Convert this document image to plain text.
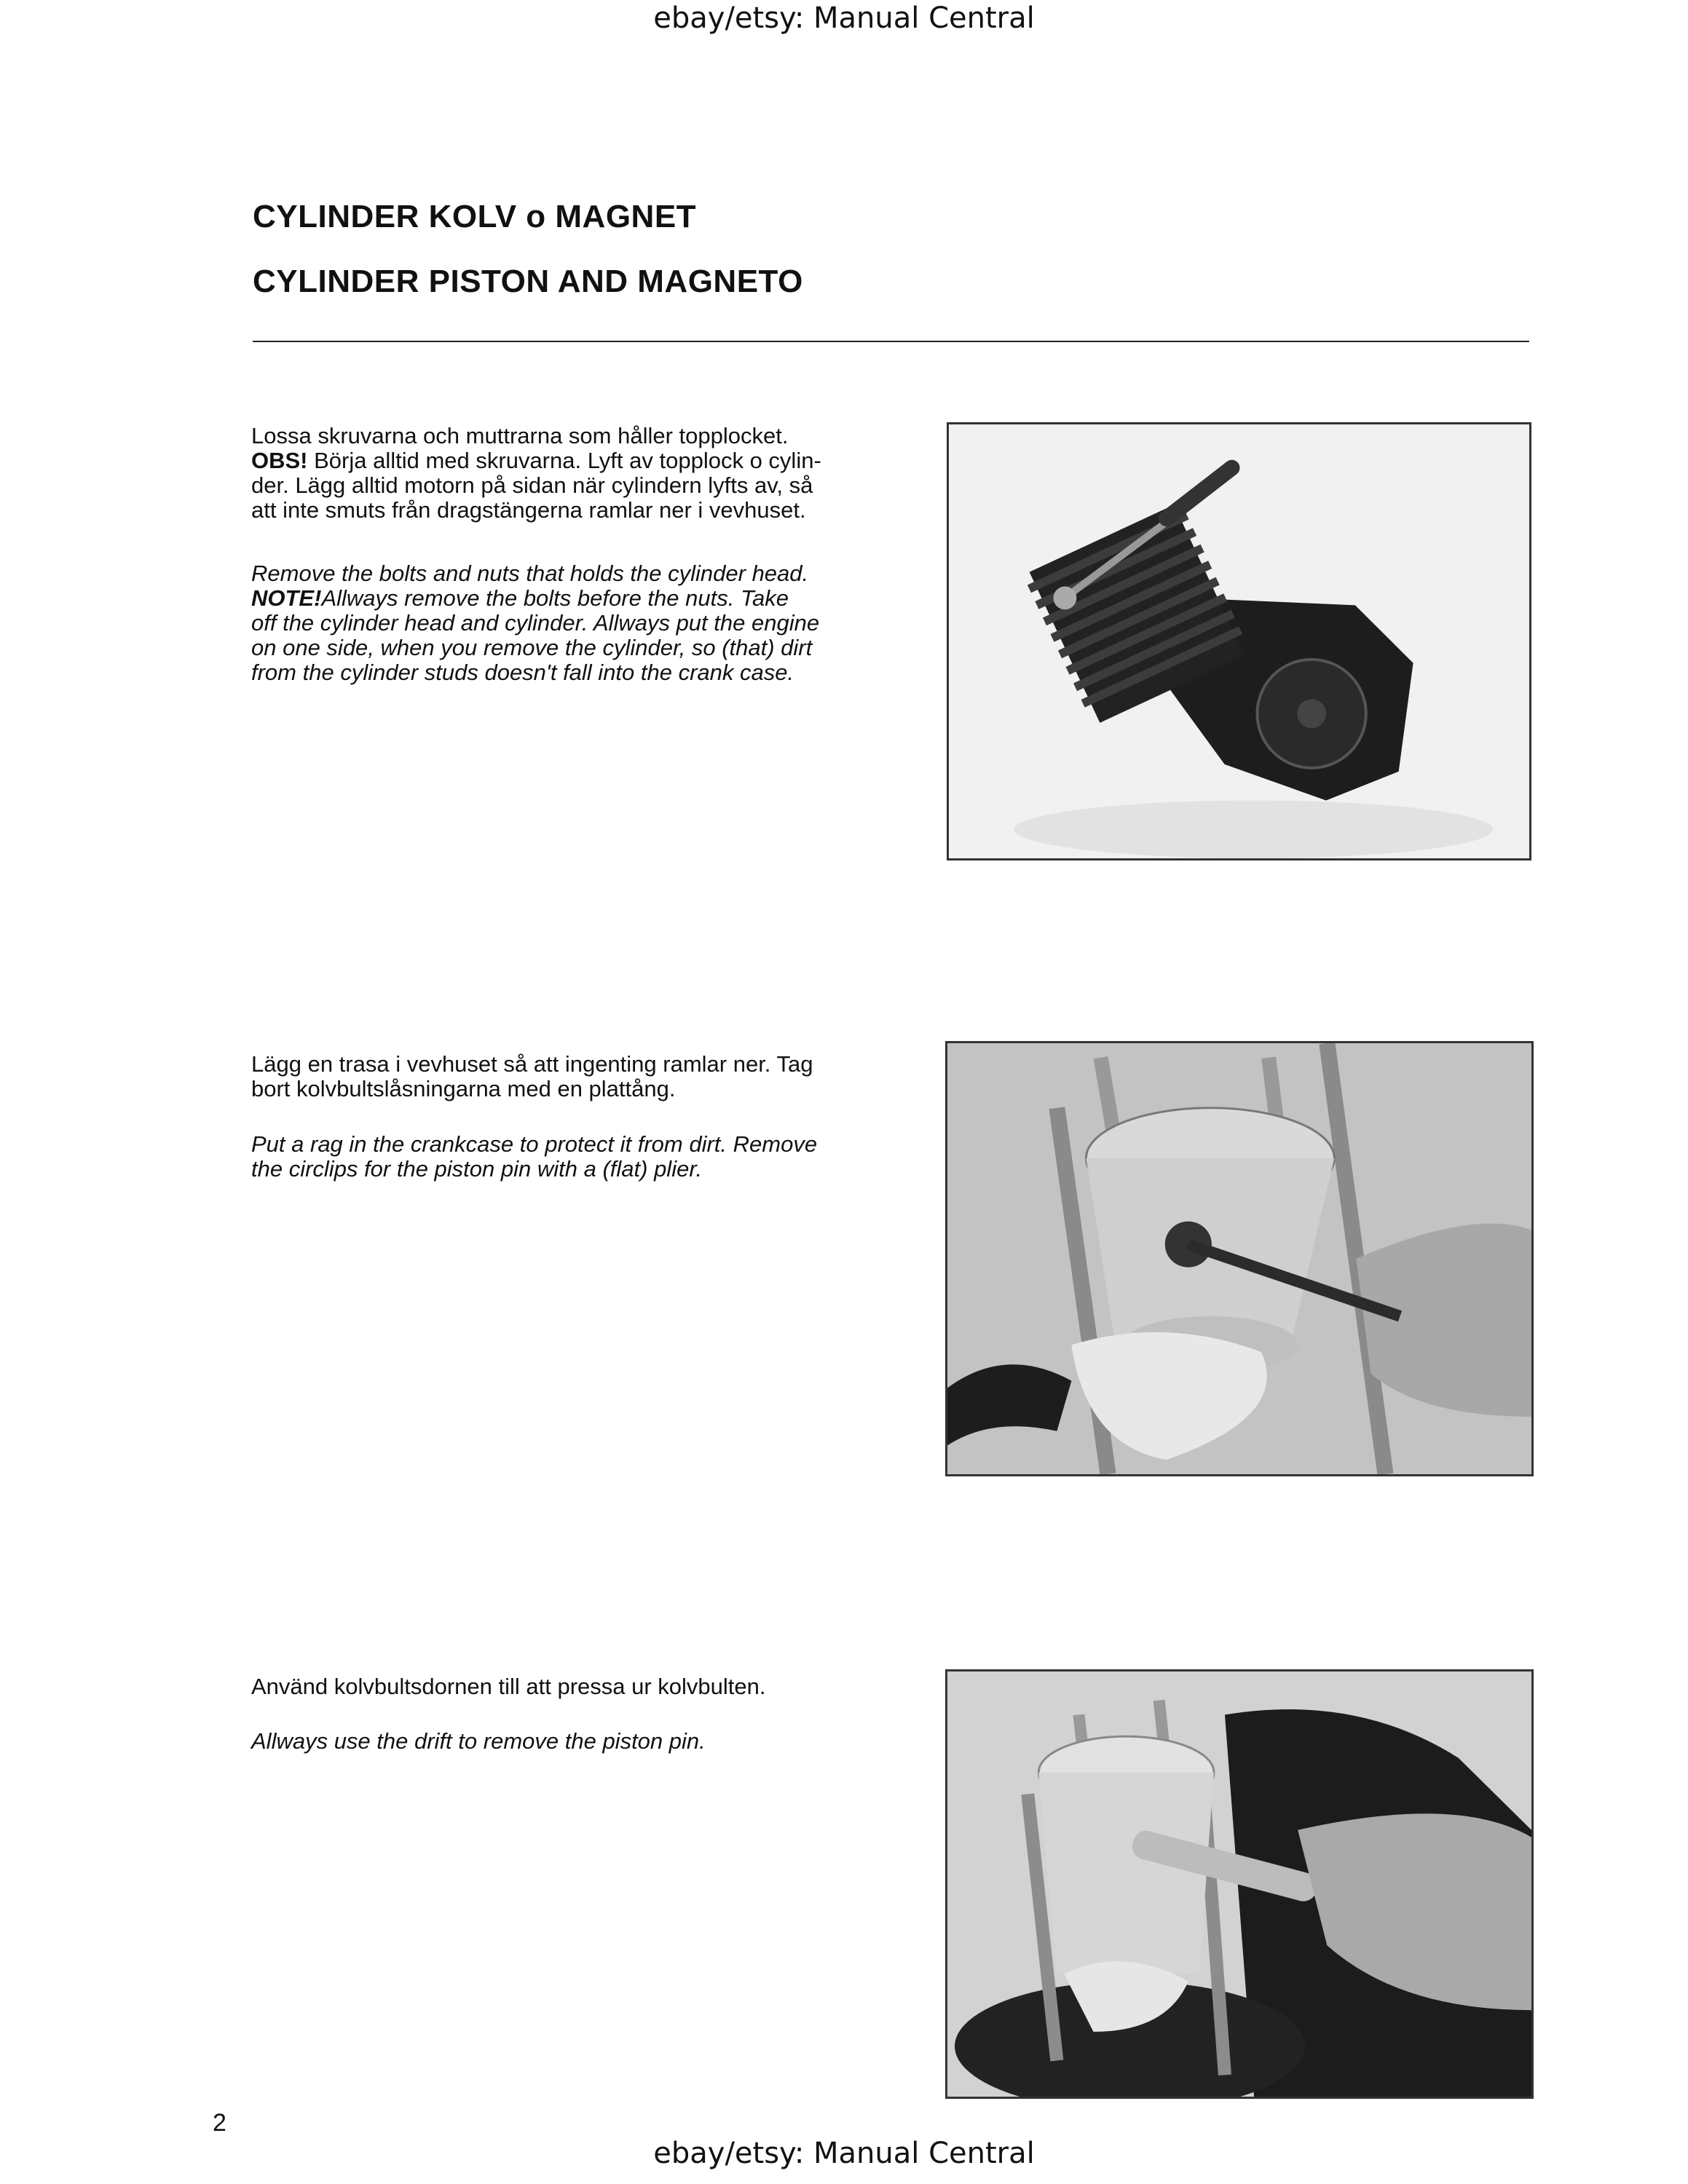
ebay/etsy: Manual Central
CYLINDER KOLV o MAGNET
CYLINDER PISTON AND MAGNETO

Lossa skruvarna och muttrarna som håller topplocket.
OBS! Börja alltid med skruvarna. Lyft av topplock o cylin-
der. Lägg alltid motorn på sidan när cylindern lyfts av, så
att inte smuts från dragstängerna ramlar ner i vevhuset.

Remove the bolts and nuts that holds the cylinder head.
NOTE!Allways remove the bolts before the nuts. Take
off the cylinder head and cylinder. Allways put the engine
on one side, when you remove the cylinder, so (that) dirt
from the cylinder studs doesn't fall into the crank case.

Lägg en trasa i vevhuset så att ingenting ramlar ner. Tag
bort kolvbultslåsningarna med en plattång.

Put a rag in the crankcase to protect it from dirt. Remove
the circlips for the piston pin with a (flat) plier.

Använd kolvbultsdornen till att pressa ur kolvbulten.

Allways use the drift to remove the piston pin.

2
ebay/etsy: Manual Central
